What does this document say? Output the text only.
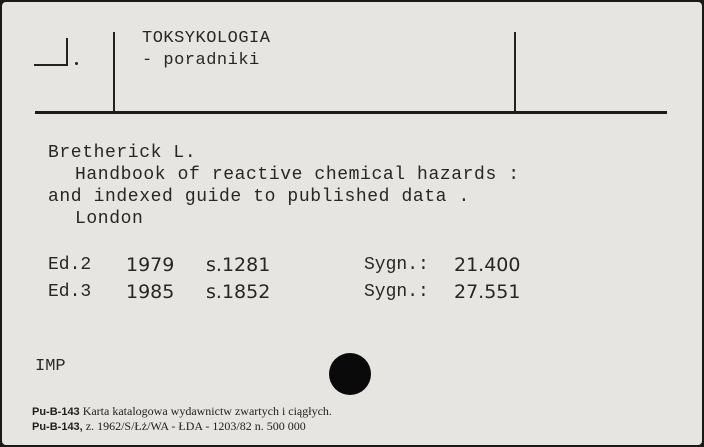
TOKSYKOLOGIA
- poradniki
Bretherick L.
Handbook of reactive chemical hazards :
and indexed guide to published data .
London
Ed.2	1979	s.1281	Sygn.:	21.400
Ed.3	1985	s.1852	Sygn.:	27.551
IMP
Pu-B-143 Karta katalogowa wydawnictw zwartych i ciągłych.
Pu-B-143, z. 1962/S/Łż/WA - ŁDA - 1203/82 n. 500 000
